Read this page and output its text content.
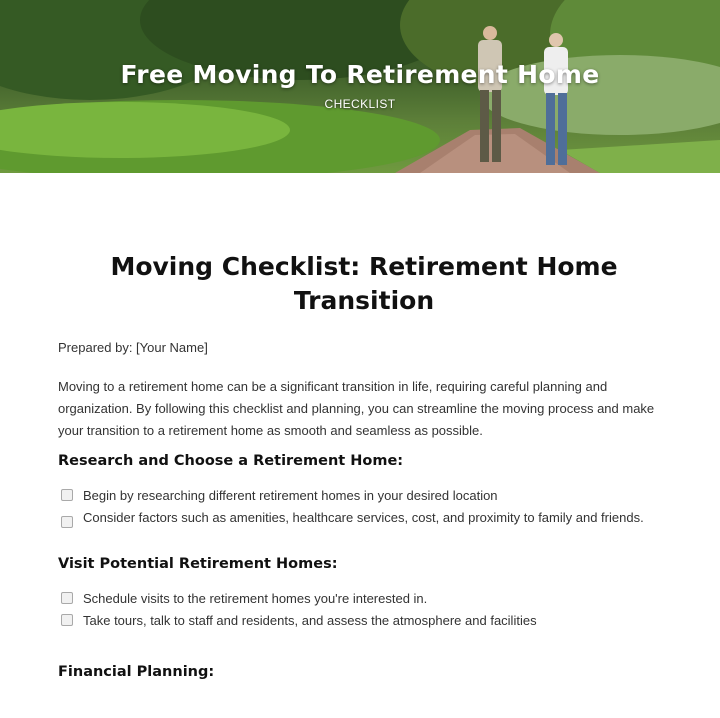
Free Moving To Retirement Home
CHECKLIST
Moving Checklist: Retirement Home Transition

Prepared by: [Your Name]

Moving to a retirement home can be a significant transition in life, requiring careful planning and organization. By following this checklist and planning, you can streamline the moving process and make your transition to a retirement home as smooth and seamless as possible.

Research and Choose a Retirement Home:
Begin by researching different retirement homes in your desired location
Consider factors such as amenities, healthcare services, cost, and proximity to family and friends.
Visit Potential Retirement Homes:
Schedule visits to the retirement homes you're interested in.
Take tours, talk to staff and residents, and assess the atmosphere and facilities
Financial Planning:
